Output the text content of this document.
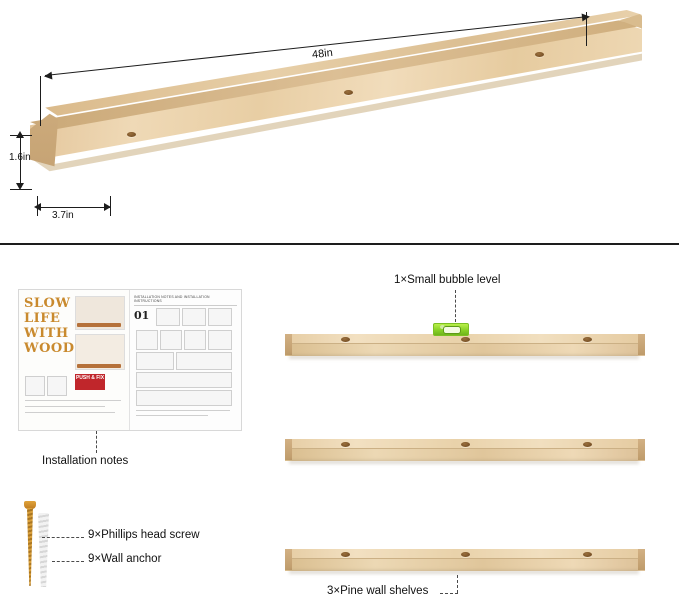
48in
1.6in
3.7in
SLOW
LIFE
WITH
WOOD
PUSH & FIX
INSTALLATION NOTES AND INSTALLATION INSTRUCTIONS
01
Installation notes
9×Phillips head screw
9×Wall anchor
1×Small bubble level
3×Pine wall shelves
